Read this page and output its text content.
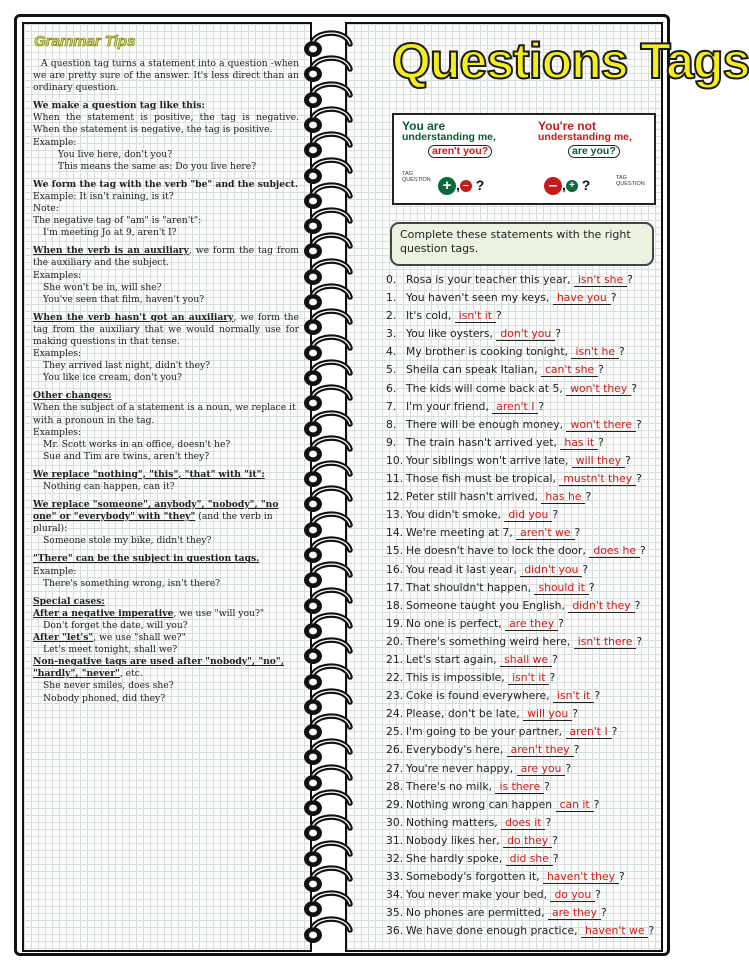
Grammar Tips

A question tag turns a statement into a question -when we are pretty sure of the answer. It's less direct than an ordinary question.

We make a question tag like this:

When the statement is positive, the tag is negative. When the statement is negative, the tag is positive.

Example:

You live here, don't you?

This means the same as: Do you live here?

We form the tag with the verb "be" and the subject.

Example: It isn't raining, is it?

Note:

The negative tag of "am" is "aren't":

I'm meeting Jo at 9, aren't I?

When the verb is an auxiliary, we form the tag from the auxiliary and the subject.

Examples:

She won't be in, will she?

You've seen that film, haven't you?

When the verb hasn't got an auxiliary, we form the tag from the auxiliary that we would normally use for making questions in that tense.

Examples:

They arrived last night, didn't they?

You like ice cream, don't you?

Other changes:

When the subject of a statement is a noun, we replace it with a pronoun in the tag.

Examples:

Mr. Scott works in an office, doesn't he?

Sue and Tim are twins, aren't they?

We replace "nothing", "this", "that" with "it":

Nothing can happen, can it?

We replace "someone", anybody", "nobody", "no one" or "everybody" with "they" (and the verb in plural):

Someone stole my bike, didn't they?

"There" can be the subject in question tags.

Example:

There's something wrong, isn't there?

Special cases:

After a negative imperative, we use "will you?"

Don't forget the date, will you?

After "let's", we use "shall we?"

Let's meet tonight, shall we?

Non-negative tags are used after "nobody", "no", "hardly", "never", etc.

She never smiles, does she?

Nobody phoned, did they?

Questions Tags
You are
understanding me,
aren't you?
You're not
understanding me,
are you?
TAG QUESTION	TAG QUESTION
+ , – ?	– , + ?
Complete these statements with the right question tags.
0. Rosa is your teacher this year, isn't she ?
1. You haven't seen my keys, have you ?
2. It's cold, isn't it ?
3. You like oysters, don't you ?
4. My brother is cooking tonight, isn't he ?
5. Sheila can speak Italian, can't she ?
6. The kids will come back at 5, won't they ?
7. I'm your friend, aren't I ?
8. There will be enough money, won't there ?
9. The train hasn't arrived yet, has it ?
10. Your siblings won't arrive late, will they ?
11. Those fish must be tropical, mustn't they ?
12. Peter still hasn't arrived, has he ?
13. You didn't smoke, did you ?
14. We're meeting at 7, aren't we ?
15. He doesn't have to lock the door, does he ?
16. You read it last year, didn't you ?
17. That shouldn't happen, should it ?
18. Someone taught you English, didn't they ?
19. No one is perfect, are they ?
20. There's something weird here, isn't there ?
21. Let's start again, shall we ?
22. This is impossible, isn't it ?
23. Coke is found everywhere, isn't it ?
24. Please, don't be late, will you ?
25. I'm going to be your partner, aren't I ?
26. Everybody's here, aren't they ?
27. You're never happy, are you ?
28. There's no milk, is there ?
29. Nothing wrong can happen can it ?
30. Nothing matters, does it ?
31. Nobody likes her, do they ?
32. She hardly spoke, did she ?
33. Somebody's forgotten it, haven't they ?
34. You never make your bed, do you ?
35. No phones are permitted, are they ?
36. We have done enough practice, haven't we ?
